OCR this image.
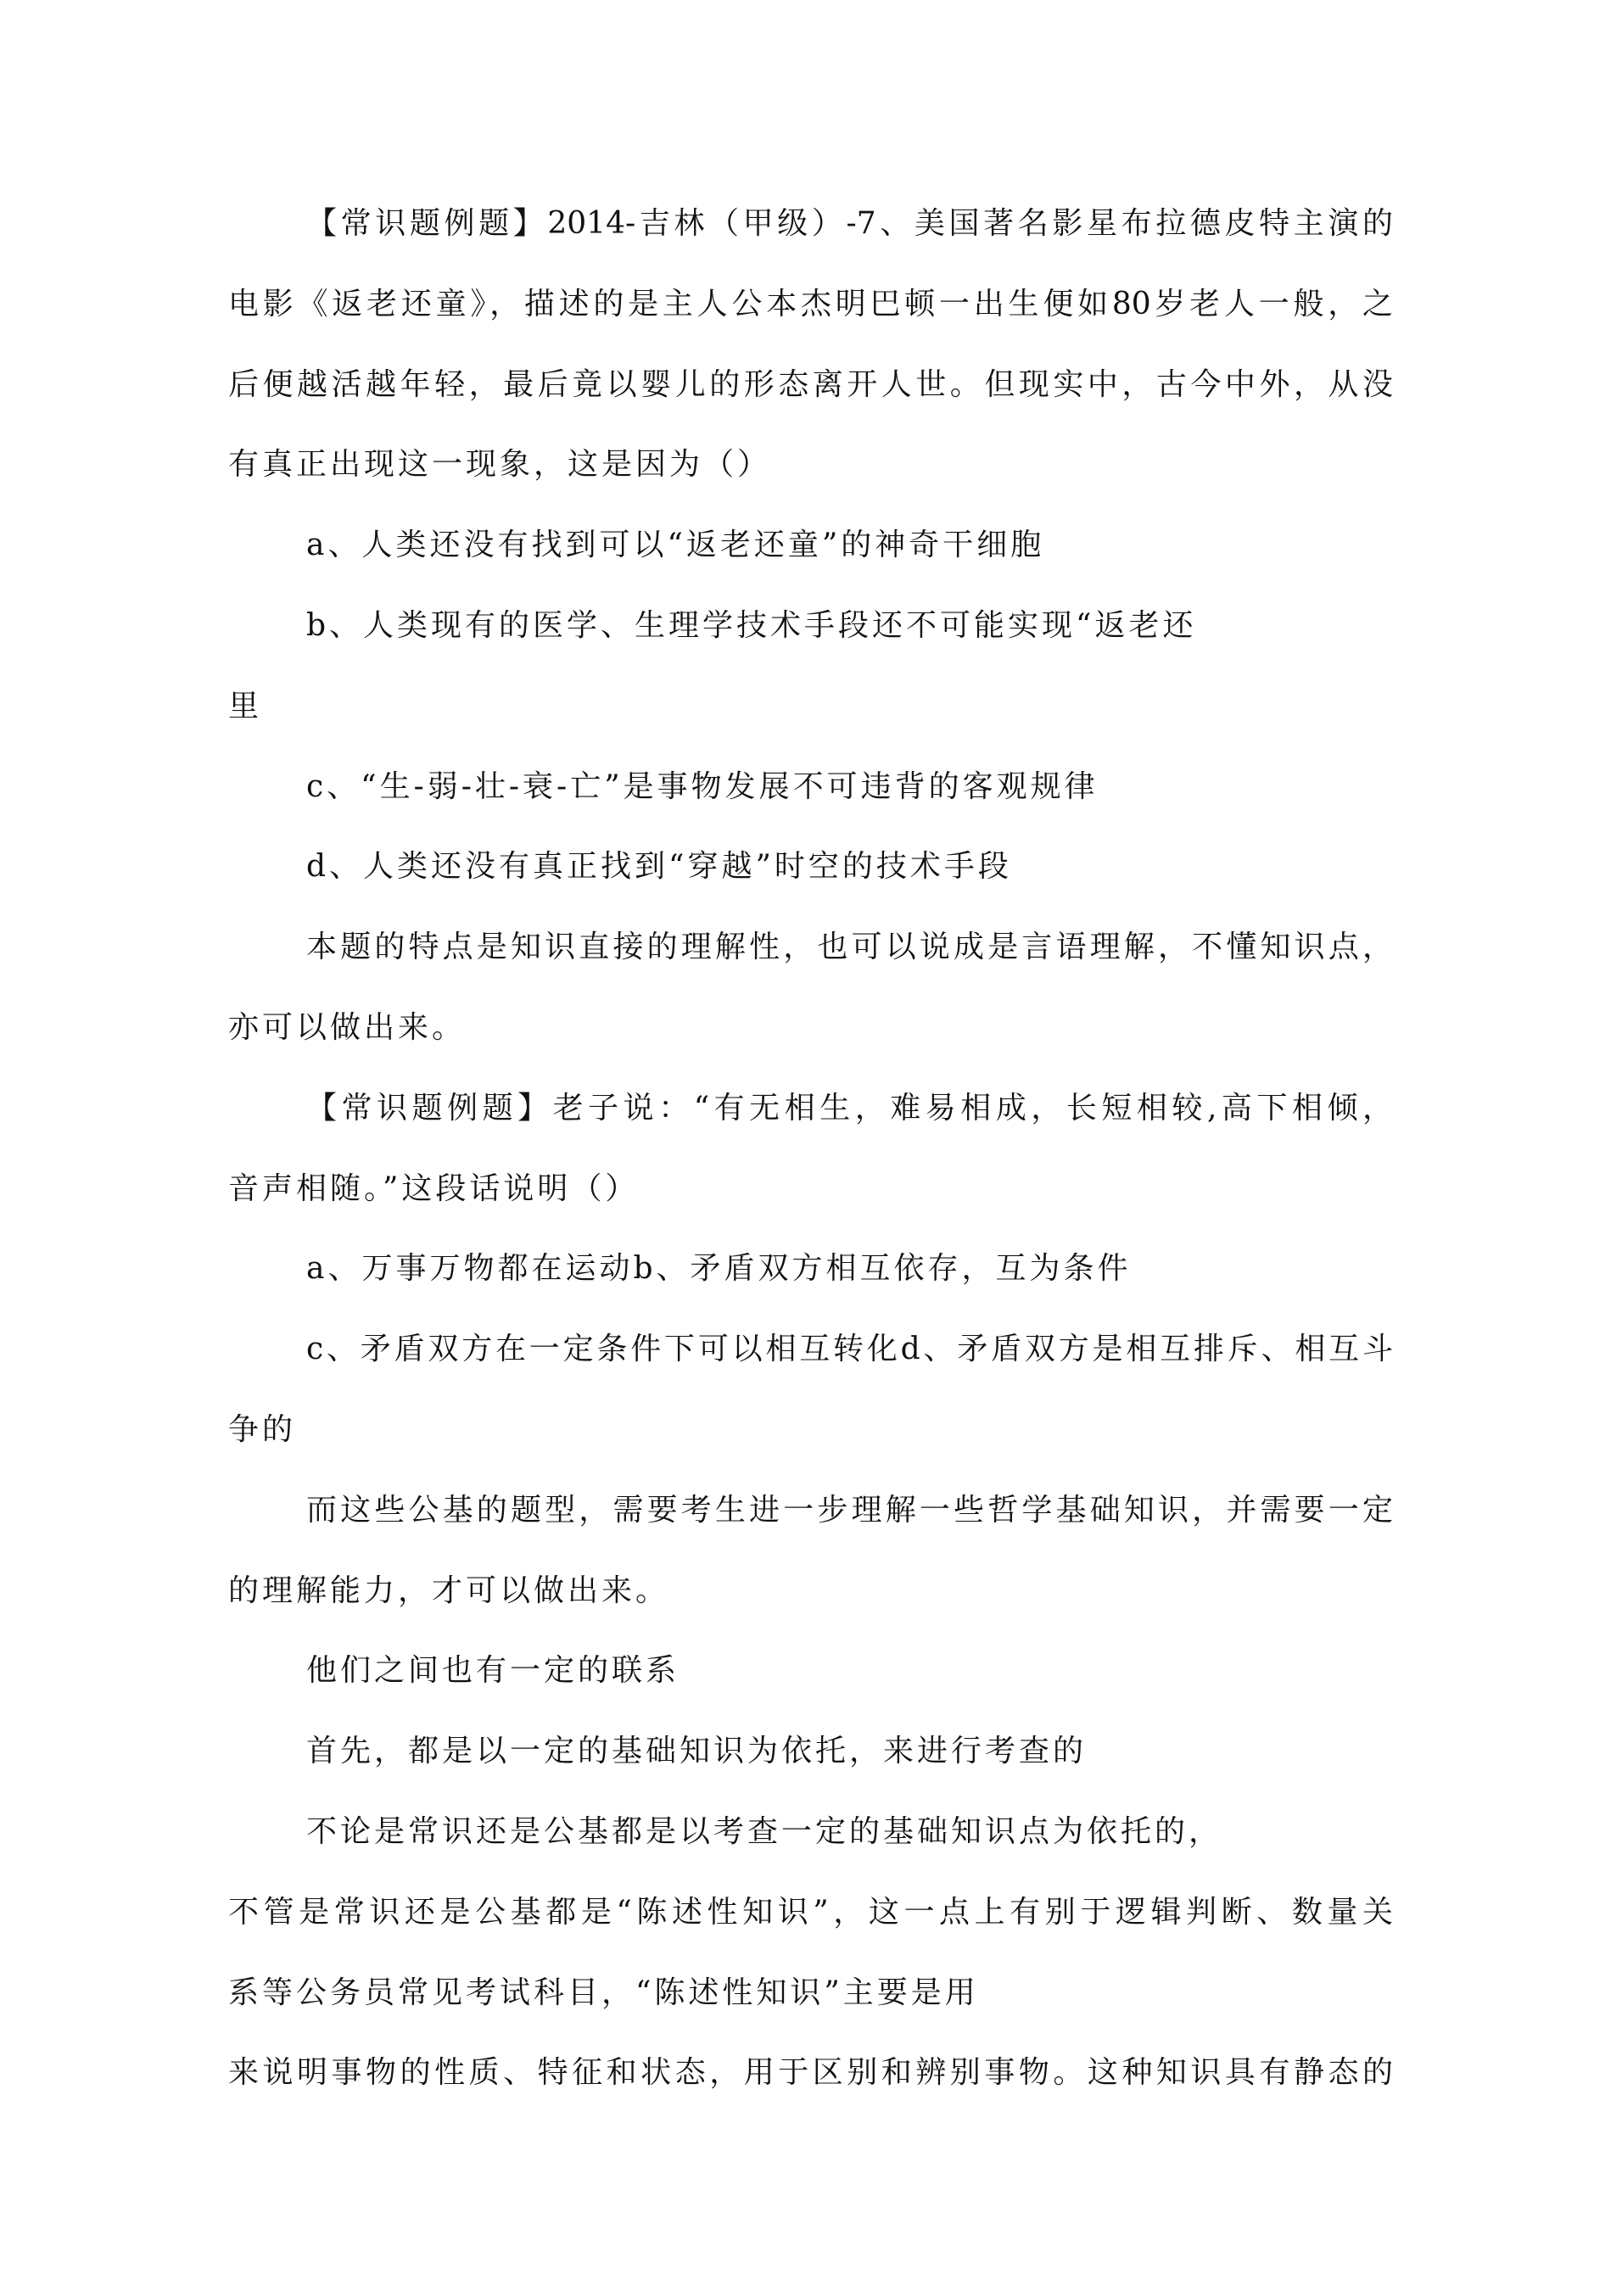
【常识题例题】2014-吉林（甲级）-7、美国著名影星布拉德皮特主演的
电影《返老还童》，描述的是主人公本杰明巴顿一出生便如80岁老人一般，之
后便越活越年轻，最后竟以婴儿的形态离开人世。但现实中，古今中外，从没
有真正出现这一现象，这是因为（）
a、人类还没有找到可以“返老还童”的神奇干细胞
b、人类现有的医学、生理学技术手段还不可能实现“返老还
里
c、“生-弱-壮-衰-亡”是事物发展不可违背的客观规律
d、人类还没有真正找到“穿越”时空的技术手段
本题的特点是知识直接的理解性，也可以说成是言语理解，不懂知识点，
亦可以做出来。
【常识题例题】老子说：“有无相生，难易相成，长短相较,高下相倾，
音声相随。”这段话说明（）
a、万事万物都在运动b、矛盾双方相互依存，互为条件
c、矛盾双方在一定条件下可以相互转化d、矛盾双方是相互排斥、相互斗
争的
而这些公基的题型，需要考生进一步理解一些哲学基础知识，并需要一定
的理解能力，才可以做出来。
他们之间也有一定的联系
首先，都是以一定的基础知识为依托，来进行考查的
不论是常识还是公基都是以考查一定的基础知识点为依托的，
不管是常识还是公基都是“陈述性知识”，这一点上有别于逻辑判断、数量关
系等公务员常见考试科目，“陈述性知识”主要是用
来说明事物的性质、特征和状态，用于区别和辨别事物。这种知识具有静态的
